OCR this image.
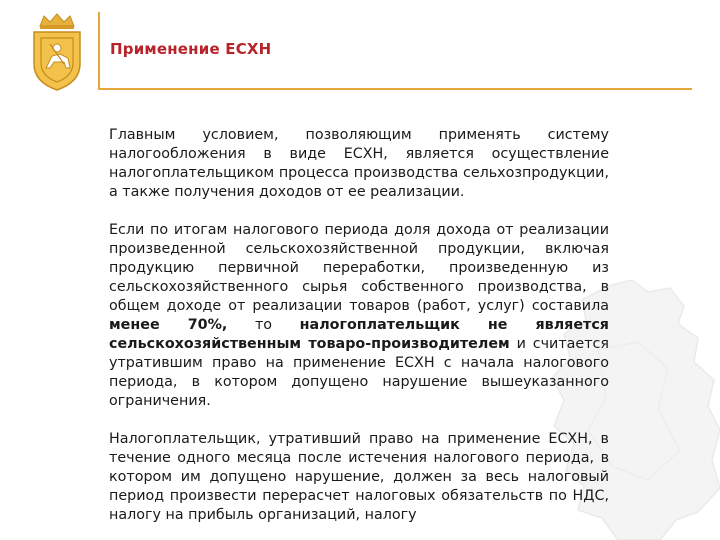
Применение ЕСХН

Главным условием, позволяющим применять систему налогообложения в виде ЕСХН, является осуществление налогоплательщиком процесса производства сельхозпродукции, а также получения доходов от ее реализации.

Если по итогам налогового периода доля дохода от реализации произведенной сельскохозяйственной продукции, включая продукцию первичной переработки, произведенную из сельскохозяйственного сырья собственного производства, в общем доходе от реализации товаров (работ, услуг) составила менее 70%, то налогоплательщик не является сельскохозяйственным товаро-производителем и считается утратившим право на применение ЕСХН с начала налогового периода, в котором допущено нарушение вышеуказанного ограничения.

Налогоплательщик, утративший право на применение ЕСХН, в течение одного месяца после истечения налогового периода, в котором им допущено нарушение, должен за весь налоговый период произвести перерасчет налоговых обязательств по НДС, налогу на прибыль организаций, налогу
